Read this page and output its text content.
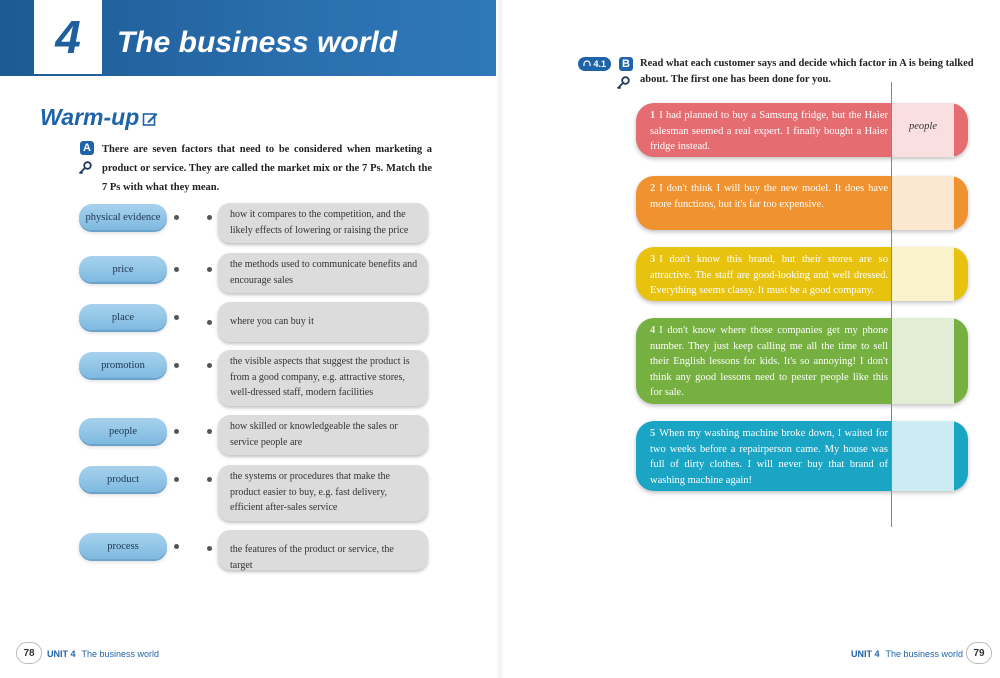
4 The business world
Warm-up
A There are seven factors that need to be considered when marketing a product or service. They are called the market mix or the 7 Ps. Match the 7 Ps with what they mean.

physical evidence
price
place
promotion
people
product
process
how it compares to the competition, and the likely effects of lowering or raising the price
the methods used to communicate benefits and encourage sales
where you can buy it
the visible aspects that suggest the product is from a good company, e.g. attractive stores, well-dressed staff, modern facilities
how skilled or knowledgeable the sales or service people are
the systems or procedures that make the product easier to buy, e.g. fast delivery, efficient after-sales service
the features of the product or service, the target
4.1	B Read what each customer says and decide which factor in A is being talked about. The first one has been done for you.

1 I had planned to buy a Samsung fridge, but the Haier salesman seemed a real expert. I finally bought a Haier fridge instead.
2 I don't think I will buy the new model. It does have more functions, but it's far too expensive.
3 I don't know this brand, but their stores are so attractive. The staff are good-looking and well dressed. Everything seems classy. It must be a good company.
4 I don't know where those companies get my phone number. They just keep calling me all the time to sell their English lessons for kids. It's so annoying! I don't think any good lessons need to pester people like this for sale.
5 When my washing machine broke down, I waited for two weeks before a repairperson came. My house was full of dirty clothes. I will never buy that brand of washing machine again!
people
78	UNIT 4 The business world	UNIT 4 The business world	79
